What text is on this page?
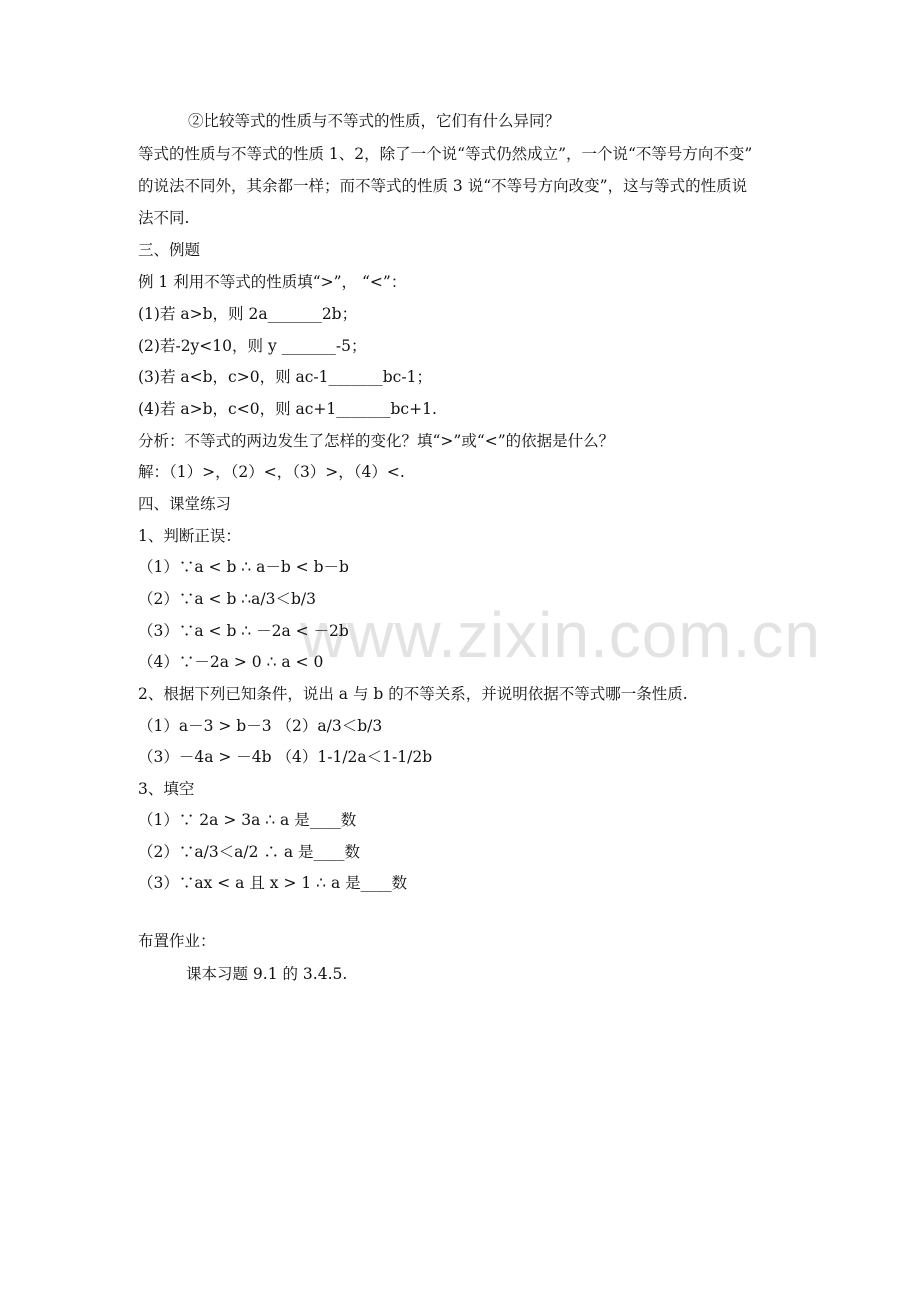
www.zixin.com.cn
②比较等式的性质与不等式的性质，它们有什么异同？
等式的性质与不等式的性质 1、2，除了一个说“等式仍然成立”，一个说“不等号方向不变”
的说法不同外，其余都一样；而不等式的性质 3 说“不等号方向改变”，这与等式的性质说
法不同.
三、例题
例 1 利用不等式的性质填“>”， “<”：
(1)若 a>b，则 2a_______2b；
(2)若-2y<10，则 y _______-5；
(3)若 a<b，c>0，则 ac-1_______bc-1；
(4)若 a>b，c<0，则 ac+1_______bc+1.
分析：不等式的两边发生了怎样的变化？填“>”或“<”的依据是什么？
解：（1）>，（2）<，（3）>，（4）<.
四、课堂练习
1、判断正误：
（1）∵a < b ∴ a－b < b－b
（2）∵a < b ∴a/3＜b/3
（3）∵a < b ∴ －2a < －2b
（4）∵－2a > 0 ∴ a < 0
2、根据下列已知条件，说出 a 与 b 的不等关系，并说明依据不等式哪一条性质.
（1）a－3 > b－3 （2）a/3＜b/3
（3）－4a > －4b （4）1-1/2a＜1-1/2b
3、填空
（1）∵ 2a > 3a ∴ a 是____数
（2）∵a/3＜a/2 ∴ a 是____数
（3）∵ax < a 且 x > 1 ∴ a 是____数
布置作业：
课本习题 9.1 的 3.4.5.
